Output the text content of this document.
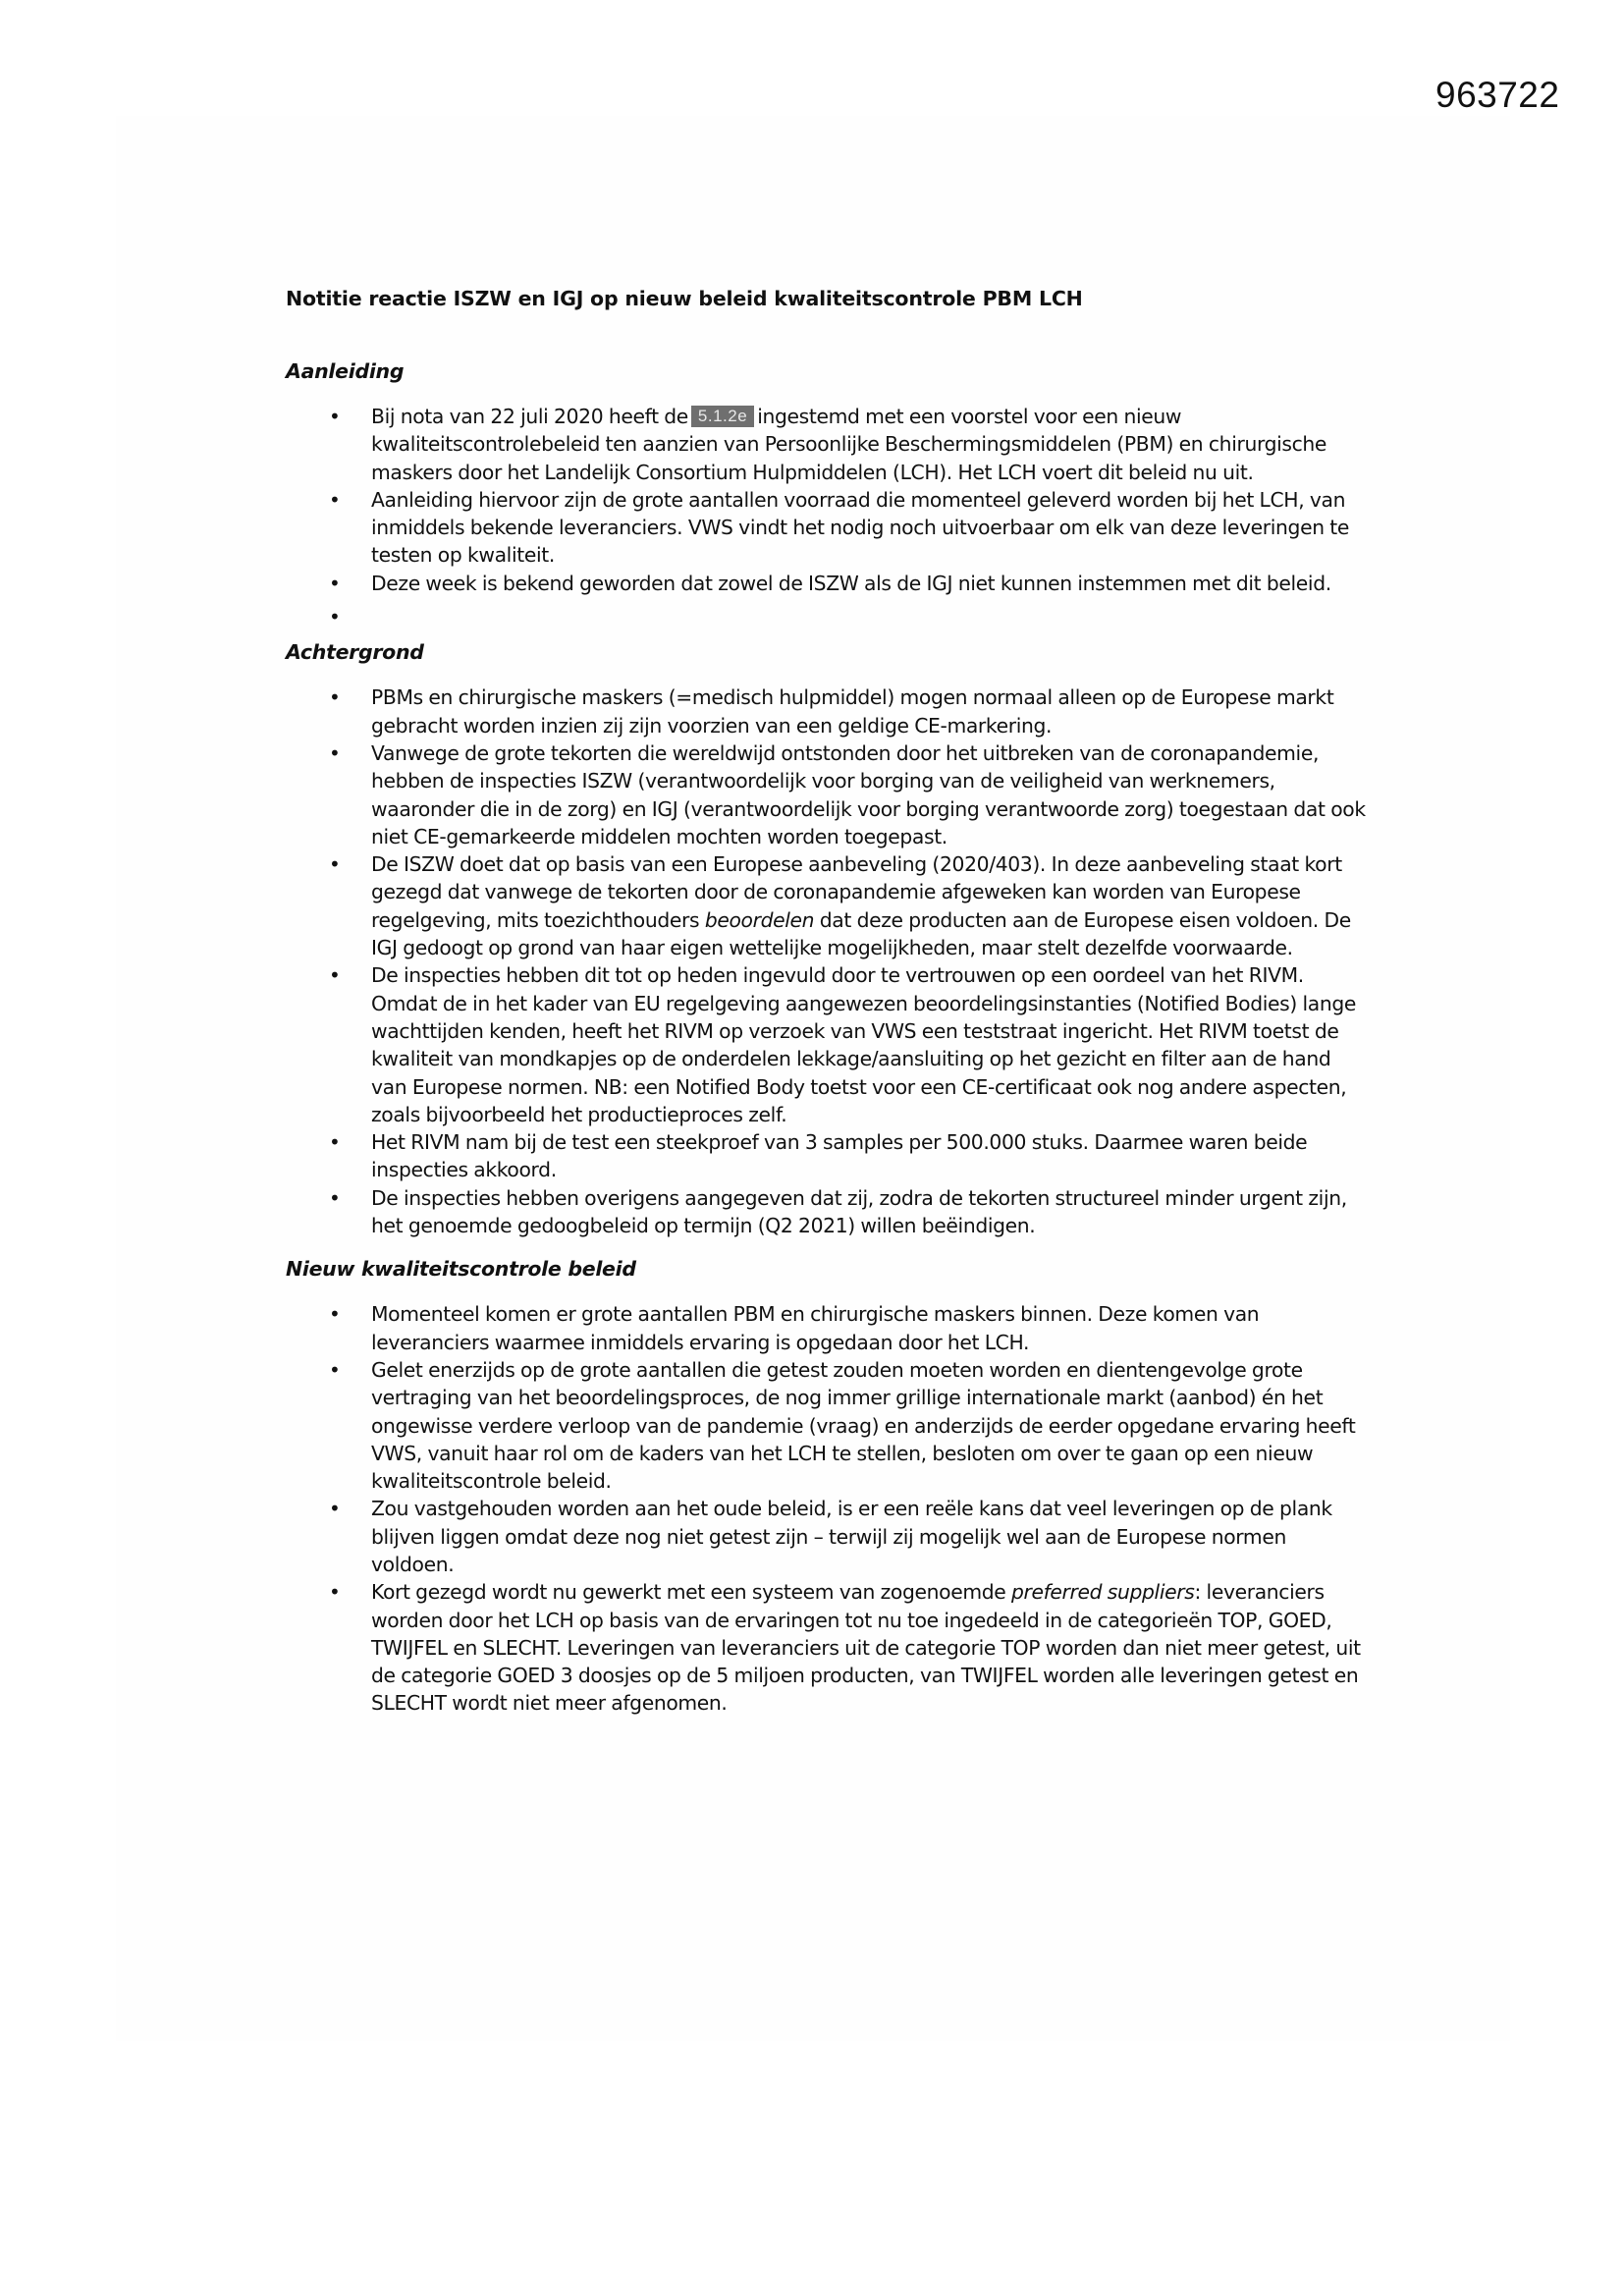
963722
Notitie reactie ISZW en IGJ op nieuw beleid kwaliteitscontrole PBM LCH
Aanleiding
• Bij nota van 22 juli 2020 heeft de 5.1.2e ingestemd met een voorstel voor een nieuw kwaliteitscontrolebeleid ten aanzien van Persoonlijke Beschermingsmiddelen (PBM) en chirurgische maskers door het Landelijk Consortium Hulpmiddelen (LCH). Het LCH voert dit beleid nu uit.
• Aanleiding hiervoor zijn de grote aantallen voorraad die momenteel geleverd worden bij het LCH, van inmiddels bekende leveranciers. VWS vindt het nodig noch uitvoerbaar om elk van deze leveringen te testen op kwaliteit.
• Deze week is bekend geworden dat zowel de ISZW als de IGJ niet kunnen instemmen met dit beleid.
•

Achtergrond
• PBMs en chirurgische maskers (=medisch hulpmiddel) mogen normaal alleen op de Europese markt gebracht worden inzien zij zijn voorzien van een geldige CE-markering.
• Vanwege de grote tekorten die wereldwijd ontstonden door het uitbreken van de coronapandemie, hebben de inspecties ISZW (verantwoordelijk voor borging van de veiligheid van werknemers, waaronder die in de zorg) en IGJ (verantwoordelijk voor borging verantwoorde zorg) toegestaan dat ook niet CE-gemarkeerde middelen mochten worden toegepast.
• De ISZW doet dat op basis van een Europese aanbeveling (2020/403). In deze aanbeveling staat kort gezegd dat vanwege de tekorten door de coronapandemie afgeweken kan worden van Europese regelgeving, mits toezichthouders beoordelen dat deze producten aan de Europese eisen voldoen. De IGJ gedoogt op grond van haar eigen wettelijke mogelijkheden, maar stelt dezelfde voorwaarde.
• De inspecties hebben dit tot op heden ingevuld door te vertrouwen op een oordeel van het RIVM. Omdat de in het kader van EU regelgeving aangewezen beoordelingsinstanties (Notified Bodies) lange wachttijden kenden, heeft het RIVM op verzoek van VWS een teststraat ingericht. Het RIVM toetst de kwaliteit van mondkapjes op de onderdelen lekkage/aansluiting op het gezicht en filter aan de hand van Europese normen. NB: een Notified Body toetst voor een CE-certificaat ook nog andere aspecten, zoals bijvoorbeeld het productieproces zelf.
• Het RIVM nam bij de test een steekproef van 3 samples per 500.000 stuks. Daarmee waren beide inspecties akkoord.
• De inspecties hebben overigens aangegeven dat zij, zodra de tekorten structureel minder urgent zijn, het genoemde gedoogbeleid op termijn (Q2 2021) willen beëindigen.
Nieuw kwaliteitscontrole beleid
• Momenteel komen er grote aantallen PBM en chirurgische maskers binnen. Deze komen van leveranciers waarmee inmiddels ervaring is opgedaan door het LCH.
• Gelet enerzijds op de grote aantallen die getest zouden moeten worden en dientengevolge grote vertraging van het beoordelingsproces, de nog immer grillige internationale markt (aanbod) én het ongewisse verdere verloop van de pandemie (vraag) en anderzijds de eerder opgedane ervaring heeft VWS, vanuit haar rol om de kaders van het LCH te stellen, besloten om over te gaan op een nieuw kwaliteitscontrole beleid.
• Zou vastgehouden worden aan het oude beleid, is er een reële kans dat veel leveringen op de plank blijven liggen omdat deze nog niet getest zijn – terwijl zij mogelijk wel aan de Europese normen voldoen.
• Kort gezegd wordt nu gewerkt met een systeem van zogenoemde preferred suppliers: leveranciers worden door het LCH op basis van de ervaringen tot nu toe ingedeeld in de categorieën TOP, GOED, TWIJFEL en SLECHT. Leveringen van leveranciers uit de categorie TOP worden dan niet meer getest, uit de categorie GOED 3 doosjes op de 5 miljoen producten, van TWIJFEL worden alle leveringen getest en SLECHT wordt niet meer afgenomen.
